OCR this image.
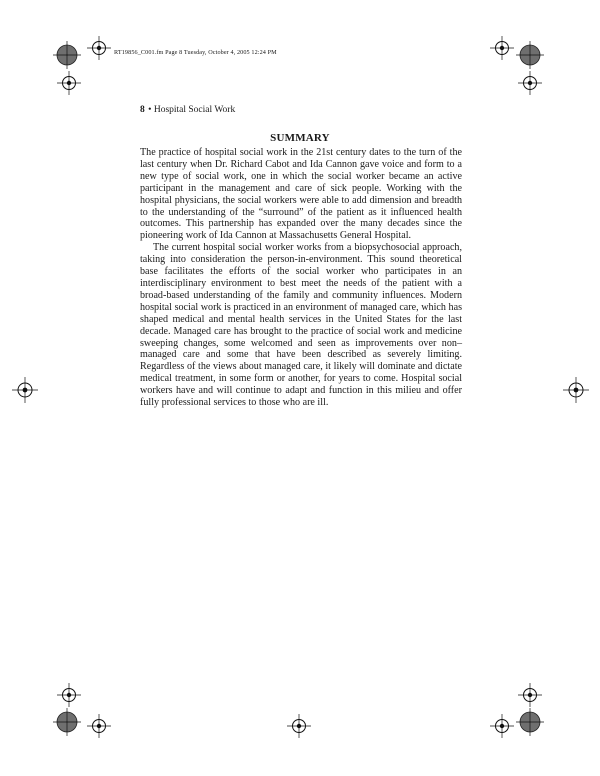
RT19856_C001.fm Page 8 Tuesday, October 4, 2005 12:24 PM
8 • Hospital Social Work
SUMMARY

The practice of hospital social work in the 21st century dates to the turn of the last century when Dr. Richard Cabot and Ida Cannon gave voice and form to a new type of social work, one in which the social worker became an active participant in the management and care of sick people. Working with the hospital physicians, the social workers were able to add dimension and breadth to the understanding of the “surround” of the patient as it influenced health outcomes. This partnership has expanded over the many decades since the pioneering work of Ida Cannon at Massachusetts General Hospital.

The current hospital social worker works from a biopsychosocial approach, taking into consideration the person-in-environment. This sound theoretical base facilitates the efforts of the social worker who participates in an interdisciplinary environment to best meet the needs of the patient with a broad-based understanding of the family and community influences. Modern hospital social work is practiced in an environment of managed care, which has shaped medical and mental health services in the United States for the last decade. Managed care has brought to the practice of social work and medicine sweeping changes, some welcomed and seen as improvements over non–managed care and some that have been described as severely limiting. Regardless of the views about managed care, it likely will dominate and dictate medical treatment, in some form or another, for years to come. Hospital social workers have and will continue to adapt and function in this milieu and offer fully professional services to those who are ill.
